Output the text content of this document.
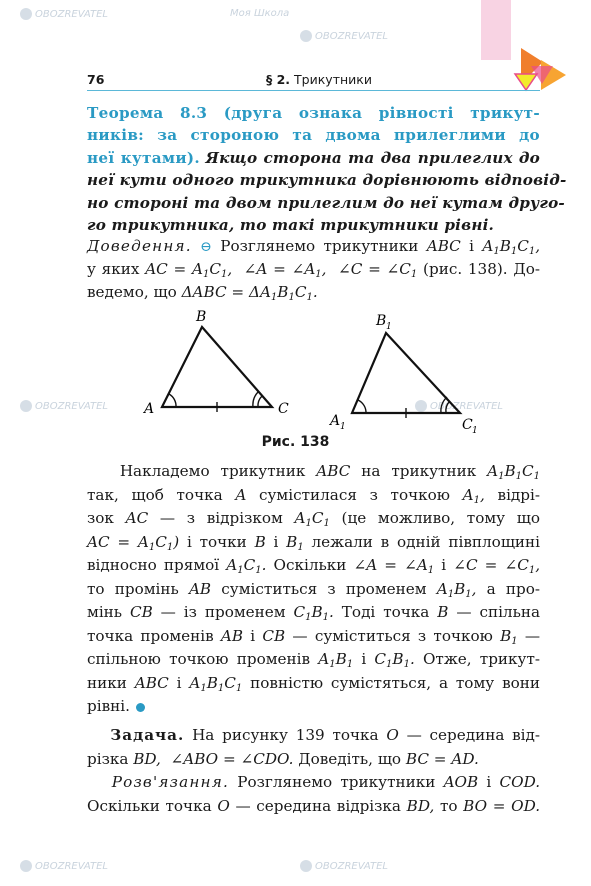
OBOZREVATEL	Моя Школа
OBOZREVATEL
OBOZREVATEL	OBOZREVATEL
OBOZREVATEL	OBOZREVATEL
76	§ 2. Трикутники
Теорема 8.3 (друга ознака рівності трикут-
ників: за стороною та двома прилеглими до
неї кутами). Якщо сторона та два прилеглих до
неї кути одного трикутника дорівнюють відповід-
но стороні та двом прилеглим до неї кутам друго-
го трикутника, то такі трикутники рівні.
Доведення. ⊖ Розглянемо трикутники ABC і $A_1B_1C_1$,
у яких AC = $A_1C_1$,  ∠A = $\angle A_1$,  ∠C = $\angle C_1$ (рис. 138). До-
ведемо, що $\Delta ABC = \Delta A_1B_1C_1$.
A
B
C
A 1
B 1
C 1
Рис. 138
Накладемо трикутник ABC на трикутник $A_1B_1C_1$
так, щоб точка A сумістилася з точкою $A_1$, відрі-
зок AC — з відрізком $A_1C_1$ (це можливо, тому що
AC = $A_1C_1$) і точки B і $B_1$ лежали в одній півплощині
відносно прямої $A_1C_1$. Оскільки ∠A = $\angle A_1$ і ∠C = $\angle C_1$,
то промінь AB суміститься з променем $A_1B_1$, а про-
мінь CB — із променем $C_1B_1$. Тоді точка B — спільна
точка променів AB і CB — суміститься з точкою $B_1$ —
спільною точкою променів $A_1B_1$ і $C_1B_1$. Отже, трикут-
ники ABC і $A_1B_1C_1$ повністю сумістяться, а тому вони
рівні.
Задача. На рисунку 139 точка O — середина від-
різка BD,  ∠ABO = ∠CDO. Доведіть, що BC = AD.
Розв'язання. Розглянемо трикутники AOB і COD.
Оскільки точка O — середина відрізка BD, то BO = OD.
